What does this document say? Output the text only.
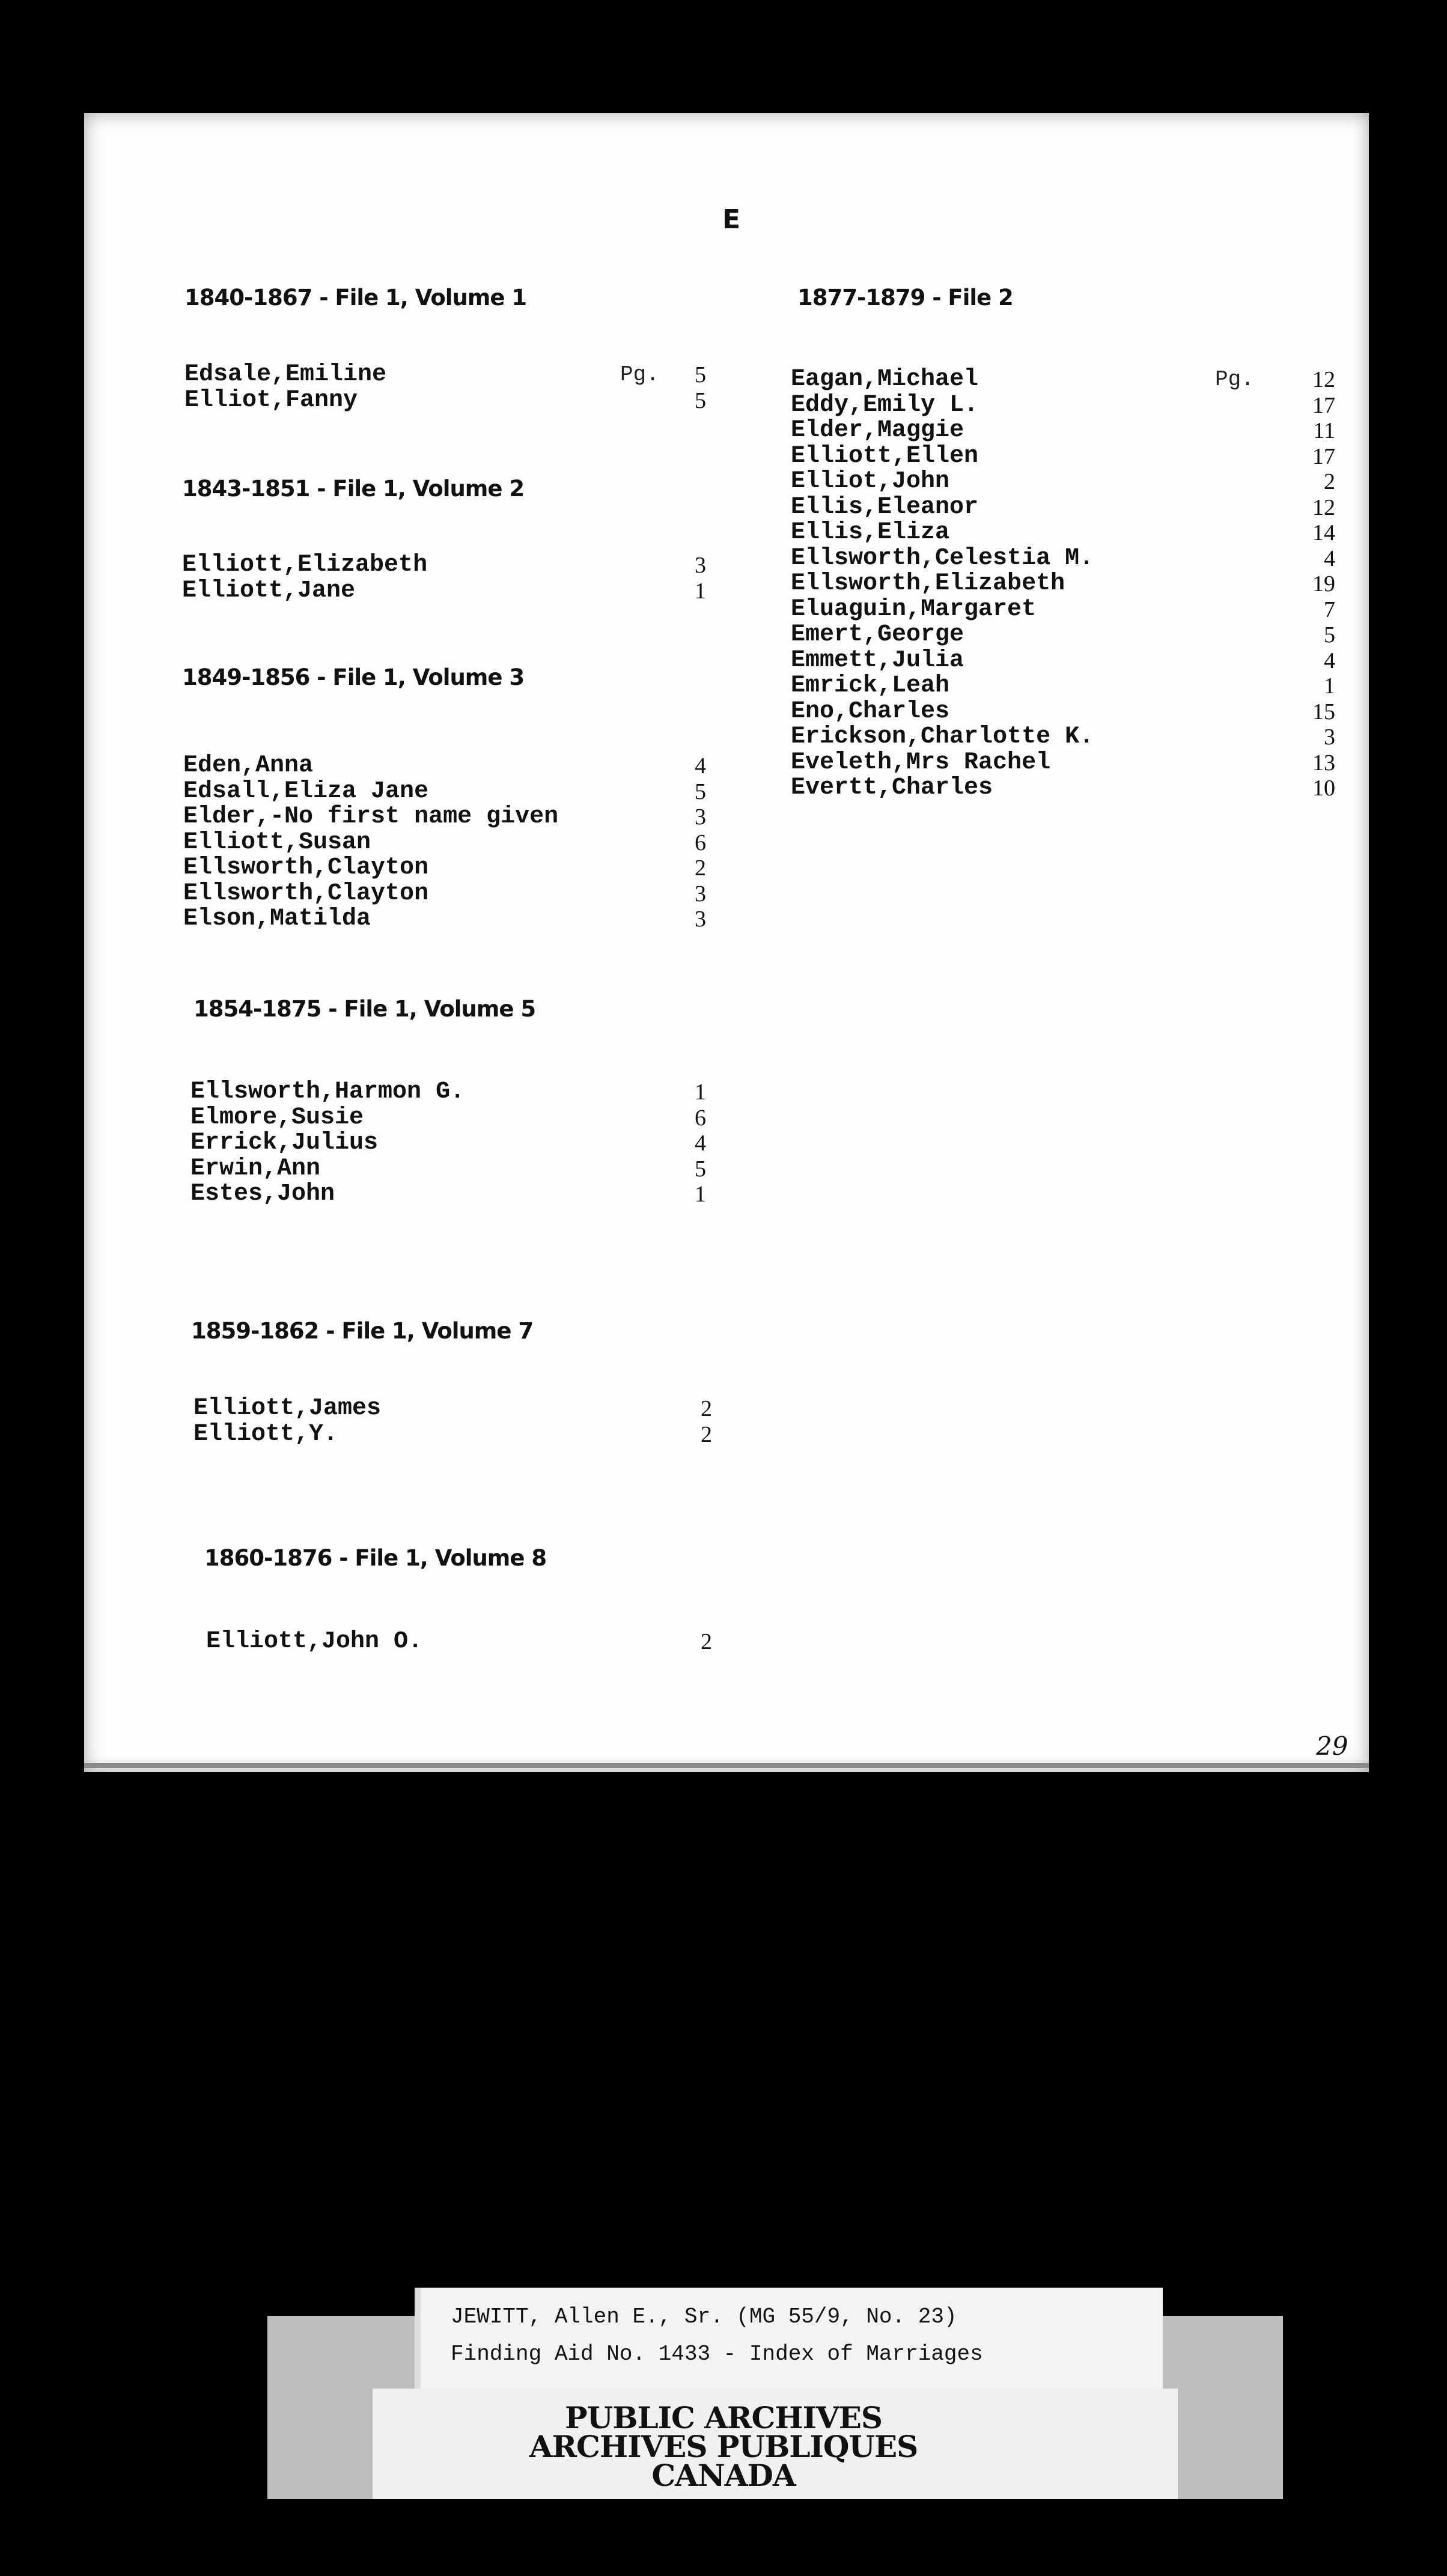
E
1840-1867 - File 1, Volume 1
Edsale,Emiline	Pg.	5
Elliot,Fanny	5
1843-1851 - File 1, Volume 2
Elliott,Elizabeth	3
Elliott,Jane	1
1849-1856 - File 1, Volume 3
Eden,Anna	4
Edsall,Eliza Jane	5
Elder,-No first name given	3
Elliott,Susan	6
Ellsworth,Clayton	2
Ellsworth,Clayton	3
Elson,Matilda	3
1854-1875 - File 1, Volume 5
Ellsworth,Harmon G.	1
Elmore,Susie	6
Errick,Julius	4
Erwin,Ann	5
Estes,John	1
1859-1862 - File 1, Volume 7
Elliott,James	2
Elliott,Y.	2
1860-1876 - File 1, Volume 8
Elliott,John O.	2
1877-1879 - File 2
Eagan,Michael	Pg.	12
Eddy,Emily L.	17
Elder,Maggie	11
Elliott,Ellen	17
Elliot,John	2
Ellis,Eleanor	12
Ellis,Eliza	14
Ellsworth,Celestia M.	4
Ellsworth,Elizabeth	19
Eluaguin,Margaret	7
Emert,George	5
Emmett,Julia	4
Emrick,Leah	1
Eno,Charles	15
Erickson,Charlotte K.	3
Eveleth,Mrs Rachel	13
Evertt,Charles	10
29
JEWITT, Allen E., Sr. (MG 55/9, No. 23)
Finding Aid No. 1433 - Index of Marriages
PUBLIC ARCHIVES
ARCHIVES PUBLIQUES
CANADA
